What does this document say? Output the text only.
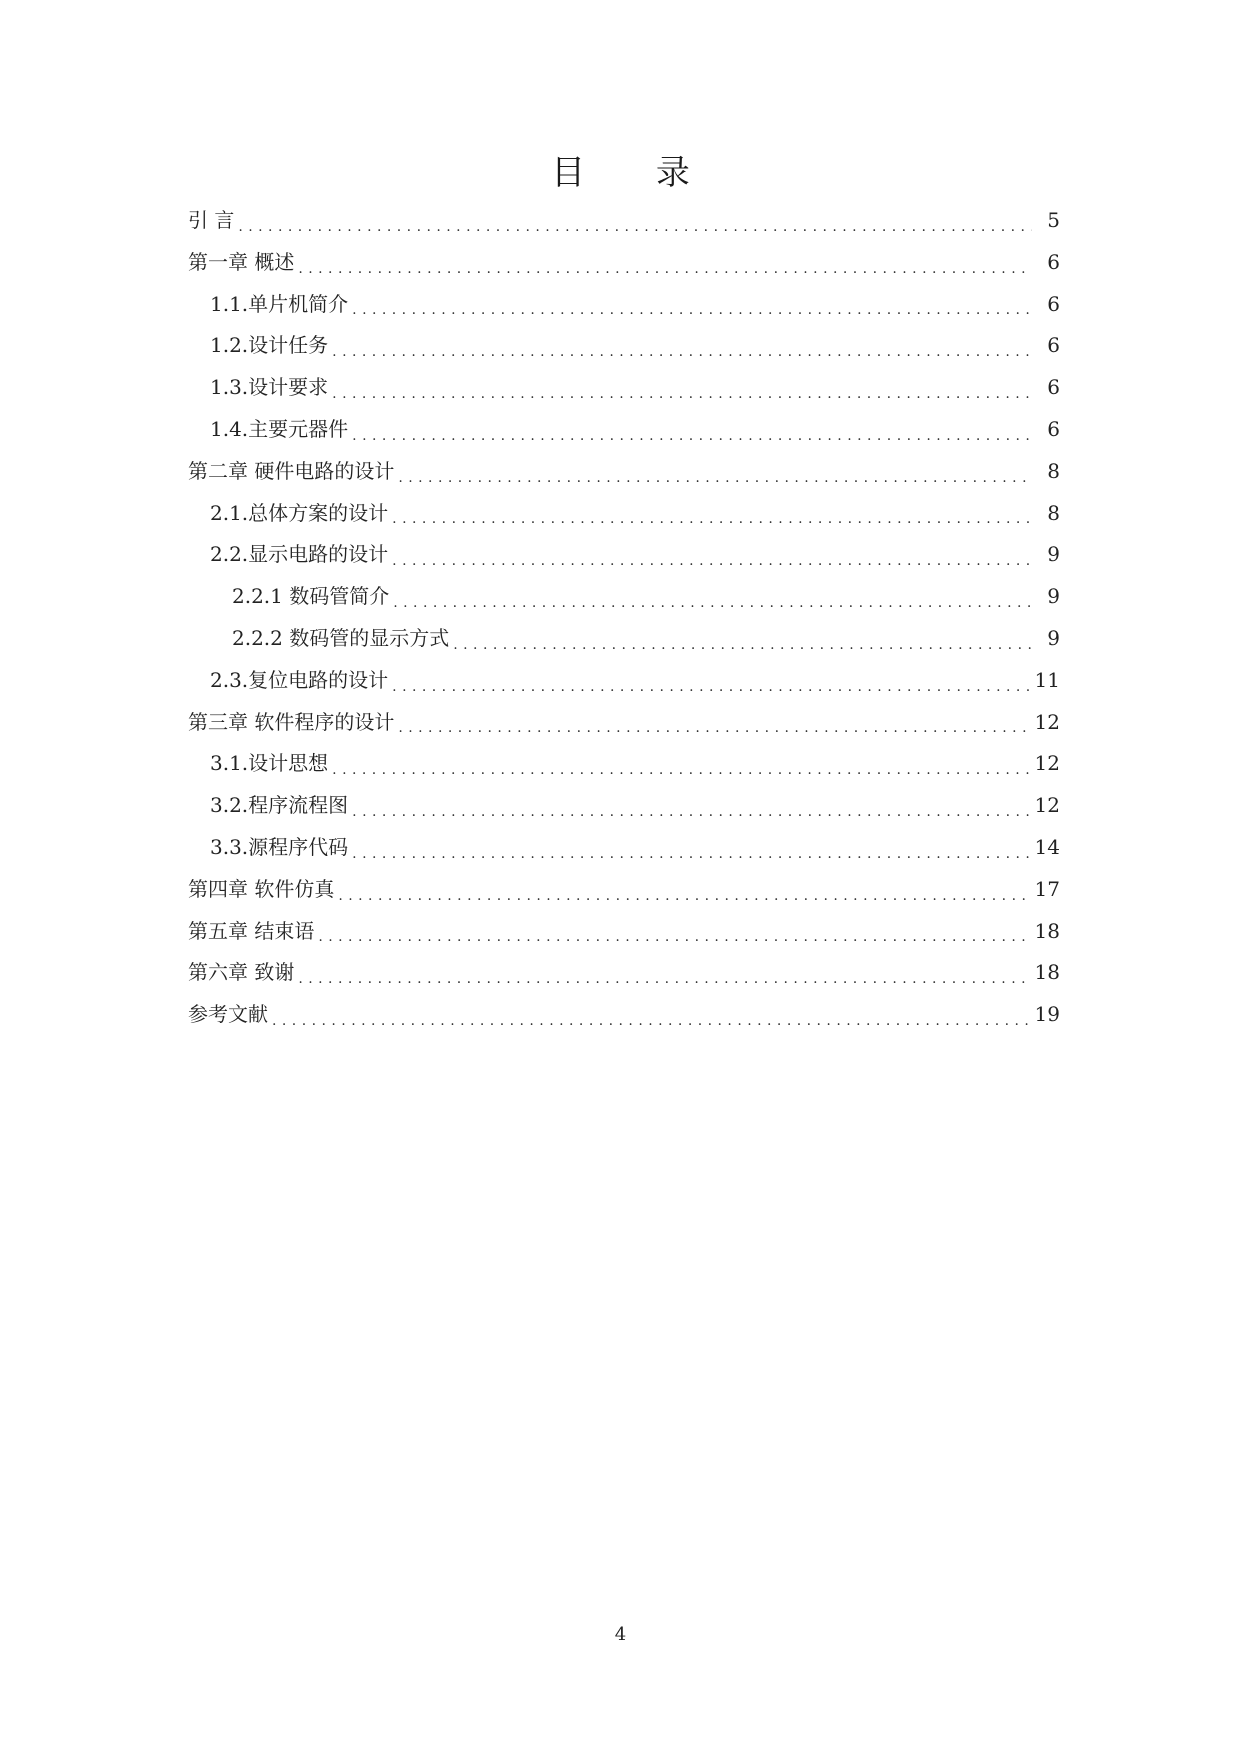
目 录
引 言 . . .	5
第一章 概述 . . .	6
1.1.单片机简介 . . .	6
1.2.设计任务 . . .	6
1.3.设计要求 . . .	6
1.4.主要元器件 . . .	6
第二章 硬件电路的设计 . . .	8
2.1.总体方案的设计 . . .	8
2.2.显示电路的设计 . . .	9
2.2.1 数码管简介 . . .	9
2.2.2 数码管的显示方式 . . .	9
2.3.复位电路的设计 . . .	11
第三章 软件程序的设计 . . .	12
3.1.设计思想 . . .	12
3.2.程序流程图 . . .	12
3.3.源程序代码 . . .	14
第四章 软件仿真 . . .	17
第五章 结束语 . . .	18
第六章 致谢 . . .	18
参考文献 . . .	19
4
